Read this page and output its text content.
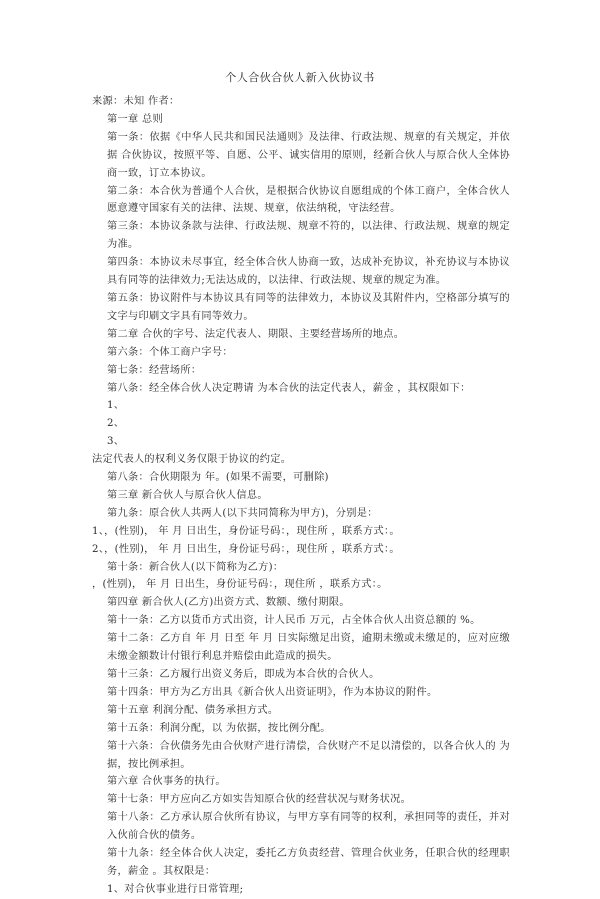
个人合伙合伙人新入伙协议书

来源：未知 作者：

第一章 总则

第一条：依据《中华人民共和国民法通则》及法律、行政法规、规章的有关规定，并依据 合伙协议，按照平等、自愿、公平、诚实信用的原则，经新合伙人与原合伙人全体协商一致，订立本协议。

第二条：本合伙为普通个人合伙，是根据合伙协议自愿组成的个体工商户，全体合伙人愿意遵守国家有关的法律、法规、规章，依法纳税，守法经营。

第三条：本协议条款与法律、行政法规、规章不符的，以法律、行政法规、规章的规定为准。

第四条：本协议未尽事宜，经全体合伙人协商一致，达成补充协议，补充协议与本协议具有同等的法律效力;无法达成的，以法律、行政法规、规章的规定为准。

第五条：协议附件与本协议具有同等的法律效力，本协议及其附件内，空格部分填写的文字与印刷文字具有同等效力。

第二章 合伙的字号、法定代表人、期限、主要经营场所的地点。

第六条：个体工商户字号：

第七条：经营场所：

第八条：经全体合伙人决定聘请 为本合伙的法定代表人，薪金 ，其权限如下：

1、

2、

3、

法定代表人的权利义务仅限于协议的约定。

第八条：合伙期限为 年。(如果不需要，可删除)

第三章 新合伙人与原合伙人信息。

第九条：原合伙人共两人(以下共同简称为甲方)，分别是：

1、，(性别)， 年 月 日出生，身份证号码：，现住所 ，联系方式：。

2、，(性别)， 年 月 日出生，身份证号码：，现住所 ，联系方式：。

第十条：新合伙人(以下简称为乙方)：

，(性别)， 年 月 日出生，身份证号码：，现住所 ，联系方式：。

第四章 新合伙人(乙方)出资方式、数额、缴付期限。

第十一条：乙方以货币方式出资，计人民币 万元，占全体合伙人出资总额的 %。

第十二条：乙方自 年 月 日至 年 月 日实际缴足出资，逾期未缴或未缴足的，应对应缴未缴金额数计付银行利息并赔偿由此造成的损失。

第十三条：乙方履行出资义务后，即成为本合伙的合伙人。

第十四条：甲方为乙方出具《新合伙人出资证明》，作为本协议的附件。

第十五章 利润分配、债务承担方式。

第十五条：利润分配，以 为依据，按比例分配。

第十六条：合伙债务先由合伙财产进行清偿，合伙财产不足以清偿的，以各合伙人的 为据，按比例承担。

第六章 合伙事务的执行。

第十七条：甲方应向乙方如实告知原合伙的经营状况与财务状况。

第十八条：乙方承认原合伙所有协议，与甲方享有同等的权利，承担同等的责任，并对入伙前合伙的债务。

第十九条：经全体合伙人决定，委托乙方负责经营、管理合伙业务，任职合伙的经理职务，薪金 。其权限是：

1、对合伙事业进行日常管理;
